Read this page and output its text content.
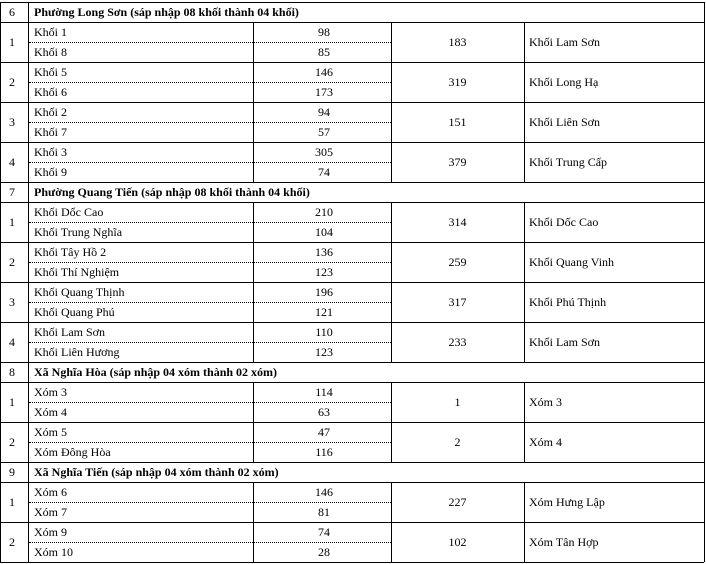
6	Phường Long Sơn (sáp nhập 08 khối thành 04 khối)
1
Khối 1	98
Khối 8	85
183	Khối Lam Sơn
2
Khối 5	146
Khối 6	173
319	Khối Long Hạ
3
Khối 2	94
Khối 7	57
151	Khối Liên Sơn
4
Khối 3	305
Khối 9	74
379	Khối Trung Cấp
7	Phường Quang Tiến (sáp nhập 08 khối thành 04 khối)
1
Khối Dốc Cao	210
Khối Trung Nghĩa	104
314	Khối Dốc Cao
2
Khối Tây Hồ 2	136
Khối Thí Nghiệm	123
259	Khối Quang Vinh
3
Khối Quang Thịnh	196
Khối Quang Phú	121
317	Khối Phú Thịnh
4
Khối Lam Sơn	110
Khối Liên Hương	123
233	Khối Lam Sơn
8	Xã Nghĩa Hòa (sáp nhập 04 xóm thành 02 xóm)
1
Xóm 3	114
Xóm 4	63
1	Xóm 3
2
Xóm 5	47
Xóm Đông Hòa	116
2	Xóm 4
9	Xã Nghĩa Tiến (sáp nhập 04 xóm thành 02 xóm)
1
Xóm 6	146
Xóm 7	81
227	Xóm Hưng Lập
2
Xóm 9	74
Xóm 10	28
102	Xóm Tân Hợp
